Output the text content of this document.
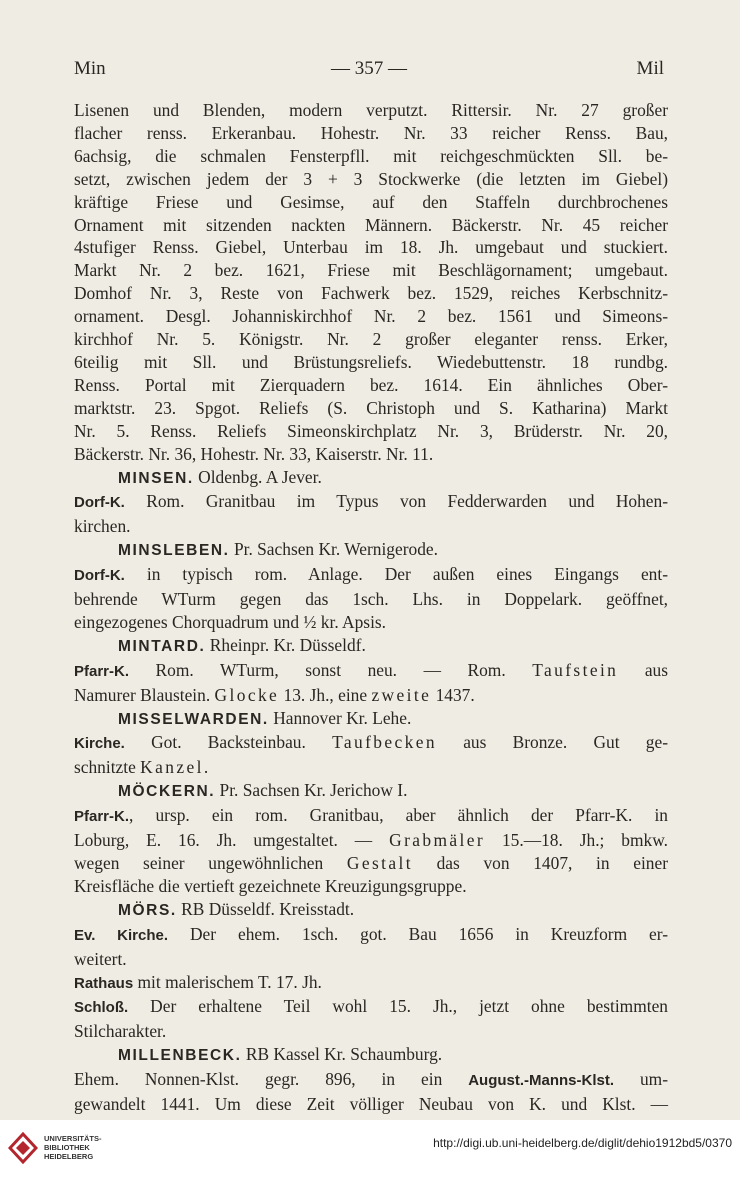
Min	— 357 —	Mil
Lisenen und Blenden, modern verputzt. Rittersir. Nr. 27 großer
flacher renss. Erkeranbau. Hohestr. Nr. 33 reicher Renss. Bau,
6achsig, die schmalen Fensterpfll. mit reichgeschmückten Sll. be-
setzt, zwischen jedem der 3 + 3 Stockwerke (die letzten im Giebel)
kräftige Friese und Gesimse, auf den Staffeln durchbrochenes
Ornament mit sitzenden nackten Männern. Bäckerstr. Nr. 45 reicher
4stufiger Renss. Giebel, Unterbau im 18. Jh. umgebaut und stuckiert.
Markt Nr. 2 bez. 1621, Friese mit Beschlägornament; umgebaut.
Domhof Nr. 3, Reste von Fachwerk bez. 1529, reiches Kerbschnitz-
ornament. Desgl. Johanniskirchhof Nr. 2 bez. 1561 und Simeons-
kirchhof Nr. 5. Königstr. Nr. 2 großer eleganter renss. Erker,
6teilig mit Sll. und Brüstungsreliefs. Wiedebuttenstr. 18 rundbg.
Renss. Portal mit Zierquadern bez. 1614. Ein ähnliches Ober-
marktstr. 23. Spgot. Reliefs (S. Christoph und S. Katharina) Markt
Nr. 5. Renss. Reliefs Simeonskirchplatz Nr. 3, Brüderstr. Nr. 20,
Bäckerstr. Nr. 36, Hohestr. Nr. 33, Kaiserstr. Nr. 11.
MINSEN. Oldenbg. A Jever.
Dorf-K. Rom. Granitbau im Typus von Fedderwarden und Hohen-
kirchen.
MINSLEBEN. Pr. Sachsen Kr. Wernigerode.
Dorf-K. in typisch rom. Anlage. Der außen eines Eingangs ent-
behrende WTurm gegen das 1sch. Lhs. in Doppelark. geöffnet,
eingezogenes Chorquadrum und ½ kr. Apsis.
MINTARD. Rheinpr. Kr. Düsseldf.
Pfarr-K. Rom. WTurm, sonst neu. — Rom. Taufstein aus
Namurer Blaustein. Glocke 13. Jh., eine zweite 1437.
MISSELWARDEN. Hannover Kr. Lehe.
Kirche. Got. Backsteinbau. Taufbecken aus Bronze. Gut ge-
schnitzte Kanzel.
MÖCKERN. Pr. Sachsen Kr. Jerichow I.
Pfarr-K., ursp. ein rom. Granitbau, aber ähnlich der Pfarr-K. in
Loburg, E. 16. Jh. umgestaltet. — Grabmäler 15.—18. Jh.; bmkw.
wegen seiner ungewöhnlichen Gestalt das von 1407, in einer
Kreisfläche die vertieft gezeichnete Kreuzigungsgruppe.
MÖRS. RB Düsseldf. Kreisstadt.
Ev. Kirche. Der ehem. 1sch. got. Bau 1656 in Kreuzform er-
weitert.
Rathaus mit malerischem T. 17. Jh.
Schloß. Der erhaltene Teil wohl 15. Jh., jetzt ohne bestimmten
Stilcharakter.
MILLENBECK. RB Kassel Kr. Schaumburg.
Ehem. Nonnen-Klst. gegr. 896, in ein August.-Manns-Klst. um-
gewandelt 1441. Um diese Zeit völliger Neubau von K. und Klst. —
UNIVERSITÄTS-
BIBLIOTHEK
HEIDELBERG
http://digi.ub.uni-heidelberg.de/diglit/dehio1912bd5/0370
